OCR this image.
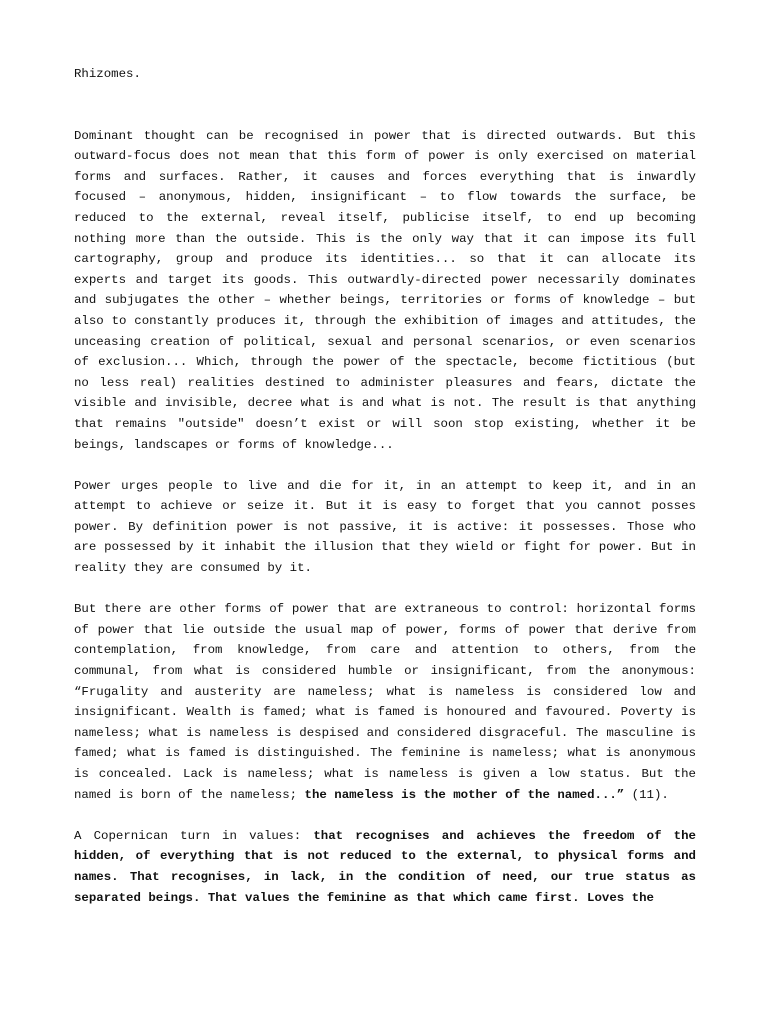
Rhizomes.

Dominant thought can be recognised in power that is directed outwards. But this outward-focus does not mean that this form of power is only exercised on material forms and surfaces. Rather, it causes and forces everything that is inwardly focused – anonymous, hidden, insignificant – to flow towards the surface, be reduced to the external, reveal itself, publicise itself, to end up becoming nothing more than the outside. This is the only way that it can impose its full cartography, group and produce its identities... so that it can allocate its experts and target its goods. This outwardly-directed power necessarily dominates and subjugates the other – whether beings, territories or forms of knowledge – but also to constantly produces it, through the exhibition of images and attitudes, the unceasing creation of political, sexual and personal scenarios, or even scenarios of exclusion... Which, through the power of the spectacle, become fictitious (but no less real) realities destined to administer pleasures and fears, dictate the visible and invisible, decree what is and what is not. The result is that anything that remains "outside" doesn’t exist or will soon stop existing, whether it be beings, landscapes or forms of knowledge...

Power urges people to live and die for it, in an attempt to keep it, and in an attempt to achieve or seize it. But it is easy to forget that you cannot posses power. By definition power is not passive, it is active: it possesses. Those who are possessed by it inhabit the illusion that they wield or fight for power. But in reality they are consumed by it.

But there are other forms of power that are extraneous to control: horizontal forms of power that lie outside the usual map of power, forms of power that derive from contemplation, from knowledge, from care and attention to others, from the communal, from what is considered humble or insignificant, from the anonymous: “Frugality and austerity are nameless; what is nameless is considered low and insignificant. Wealth is famed; what is famed is honoured and favoured. Poverty is nameless; what is nameless is despised and considered disgraceful. The masculine is famed; what is famed is distinguished. The feminine is nameless; what is anonymous is concealed. Lack is nameless; what is nameless is given a low status. But the named is born of the nameless; the nameless is the mother of the named...” (11).

A Copernican turn in values: that recognises and achieves the freedom of the hidden, of everything that is not reduced to the external, to physical forms and names. That recognises, in lack, in the condition of need, our true status as separated beings. That values the feminine as that which came first. Loves the
